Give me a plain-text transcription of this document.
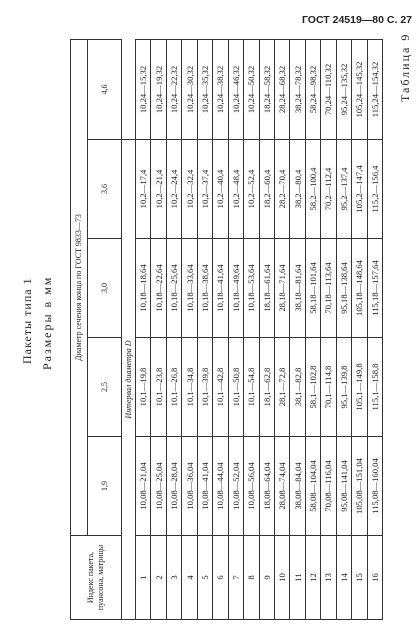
ГОСТ 24519—80 С. 27
Таблица 9
Пакеты типа 1 Размеры в мм
Индекс пакета, пуансона, матрицы	Диаметр сечения конца по ГОСТ 9833—73				
	1,9	2,5	3,0	3,6	4,6
Интервал диаметра D					
1	10,08—21,04	10,1—19,8	10,18—18,64	10,2—17,4	10,24—15,32
2	10,08—25,04	10,1—23,8	10,18—22,64	10,2—21,4	10,24—19,32
3	10,08—28,04	10,1—26,8	10,18—25,64	10,2—24,4	10,24—22,32
4	10,08—36,04	10,1—34,8	10,18—33,64	10,2—32,4	10,24—30,32
5	10,08—41,04	10,1—39,8	10,18—38,64	10,2—37,4	10,24—35,32
6	10,08—44,04	10,1—42,8	10,18—41,64	10,2—40,4	10,24—38,32
7	10,08—52,04	10,1—50,8	10,18—49,64	10,2—48,4	10,24—46,32
8	10,08—56,04	10,1—54,8	10,18—53,64	10,2—52,4	10,24—50,32
9	18,08—64,04	18,1—62,8	18,18—61,64	18,2—60,4	18,24—58,32
10	28,08—74,04	28,1—72,8	28,18—71,64	28,2—70,4	28,24—68,32
11	38,08—84,04	38,1—82,8	38,18—81,64	38,2—80,4	38,24—78,32
12	58,08—104,04	58,1—102,8	58,18—101,64	58,2—100,4	58,24—98,32
13	70,08—116,04	70,1—114,8	70,18—113,64	70,2—112,4	70,24—110,32
14	95,08—141,04	95,1—139,8	95,18—138,64	95,2—137,4	95,24—135,32
15	105,08—151,04	105,1—149,8	105,18—148,64	105,2—147,4	105,24—145,32
16	115,08—160,04	115,1—158,8	115,18—157,64	115,2—156,4	115,24—154,32
